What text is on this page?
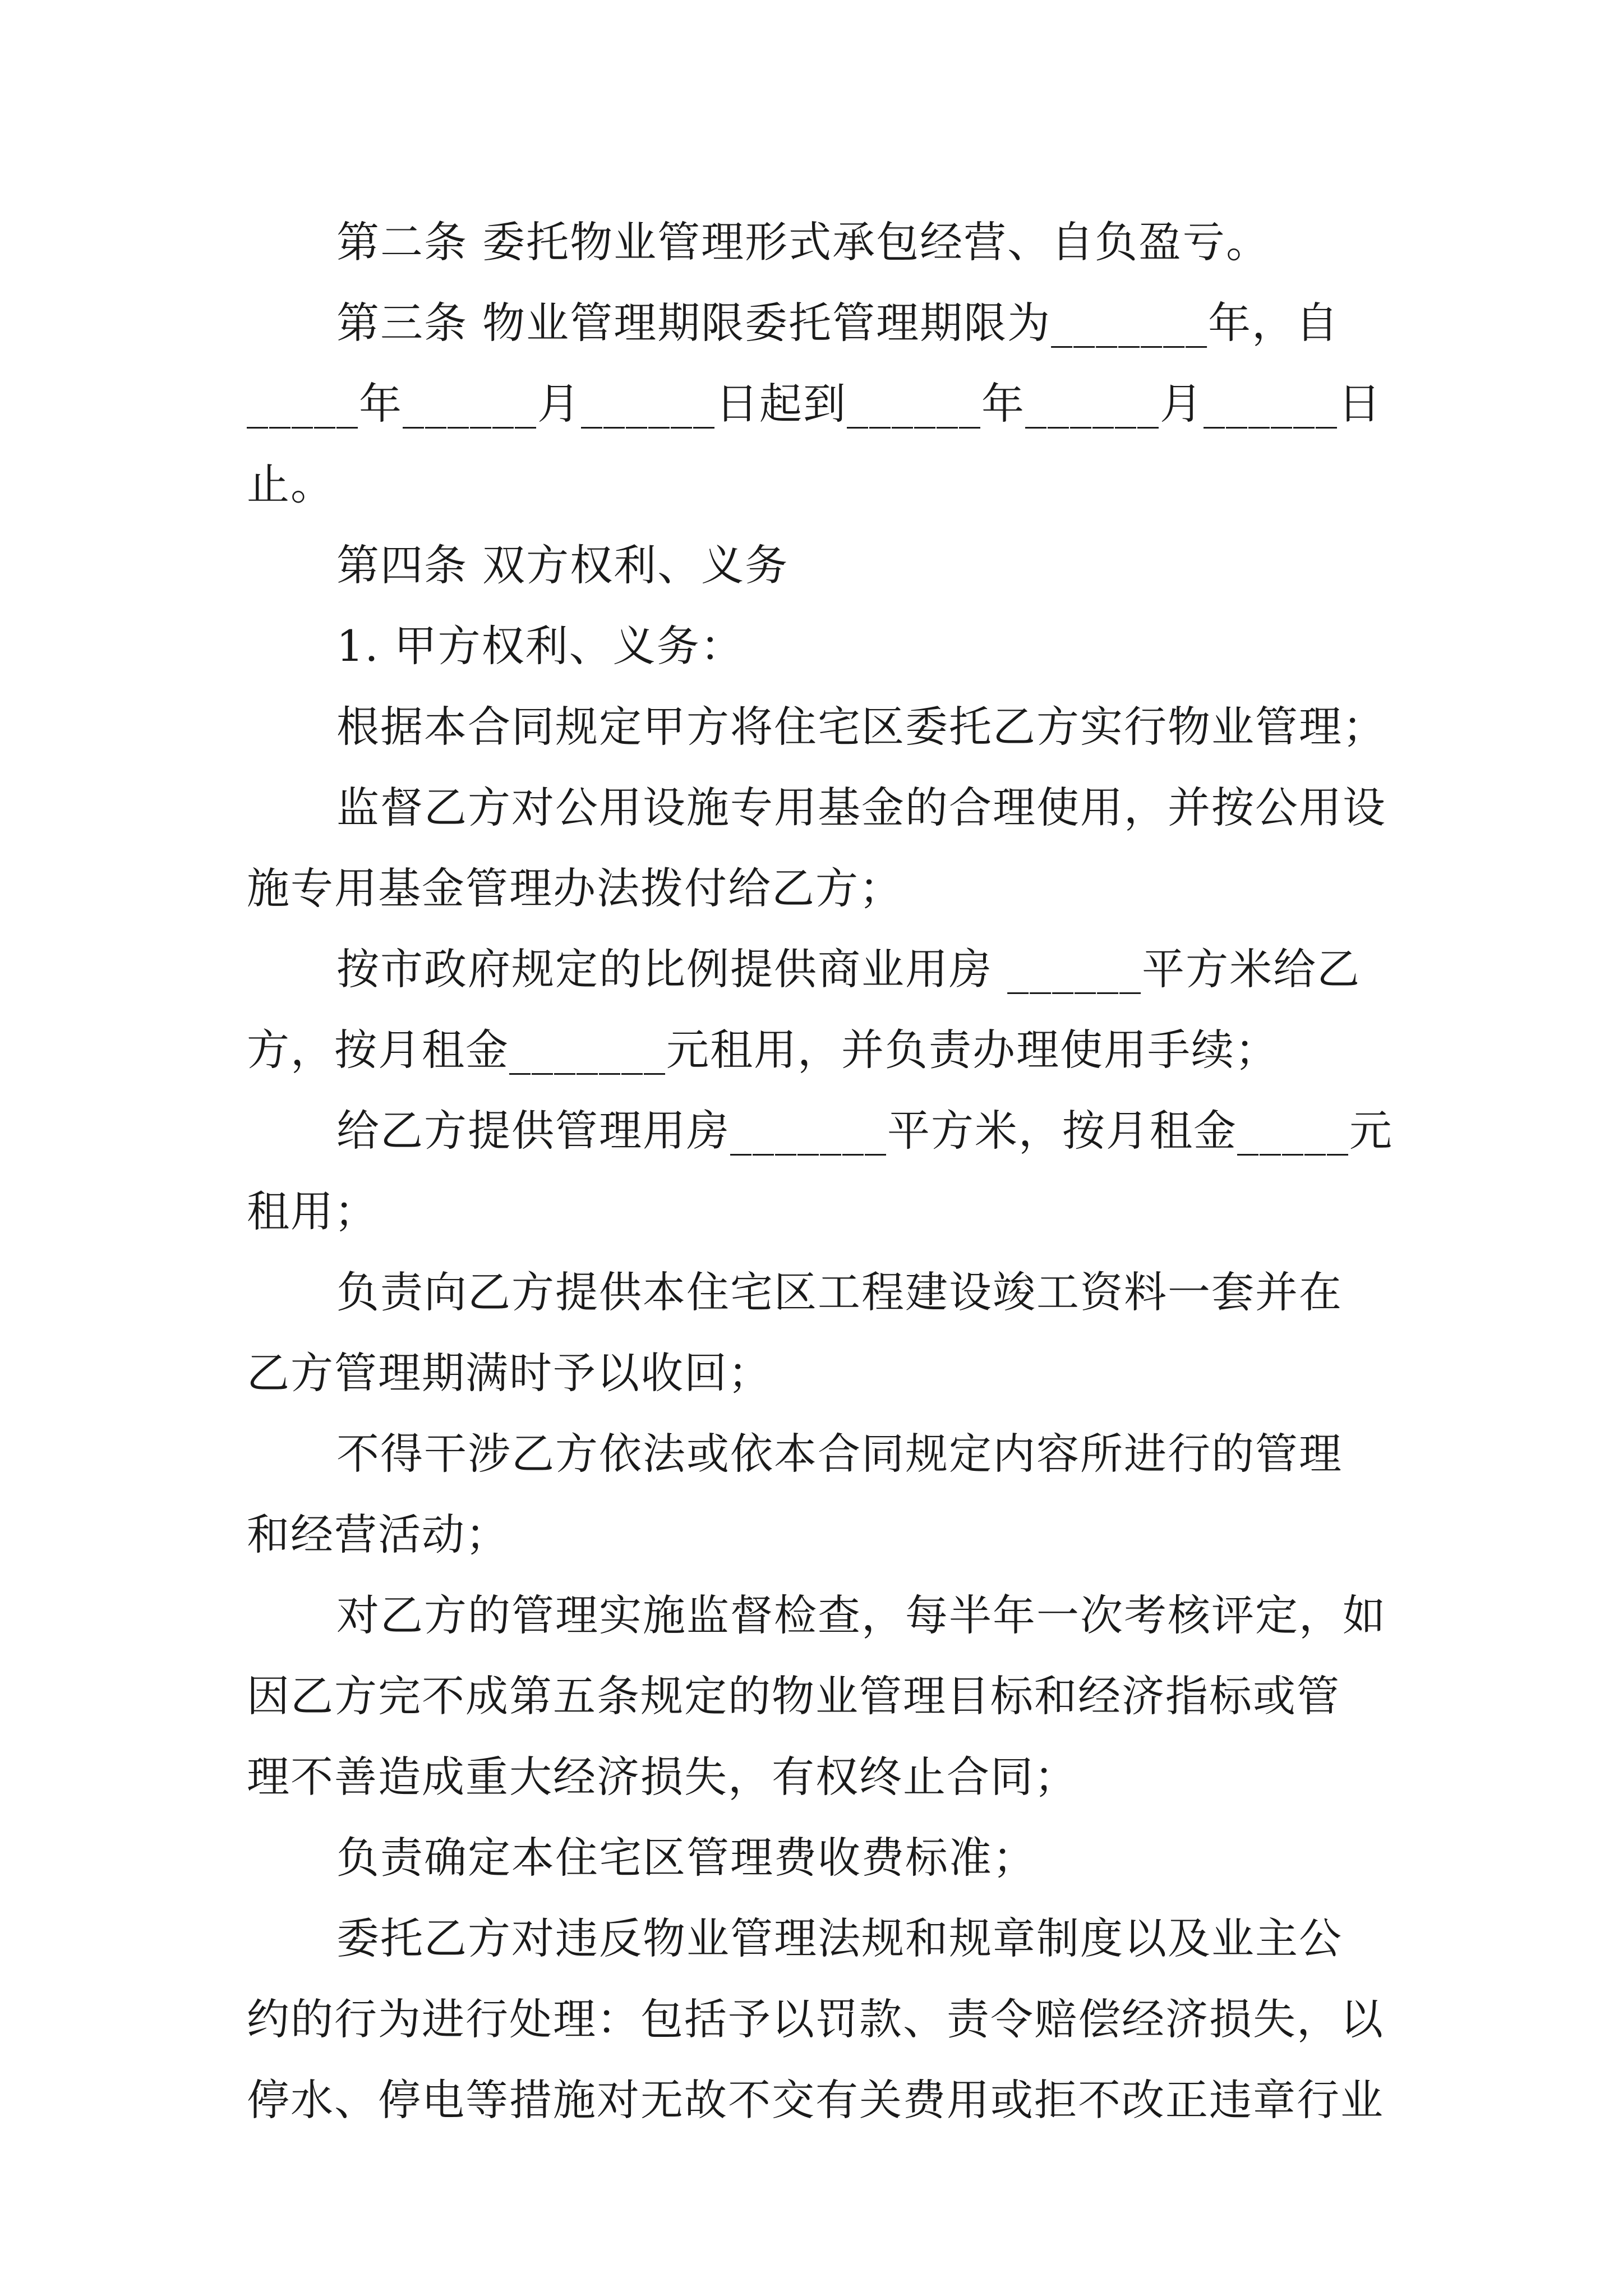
第二条 委托物业管理形式承包经营、自负盈亏。
第三条 物业管理期限委托管理期限为_______年，自
_____年______月______日起到______年______月______日
止。
第四条 双方权利、义务
1. 甲方权利、义务：
根据本合同规定甲方将住宅区委托乙方实行物业管理；
监督乙方对公用设施专用基金的合理使用，并按公用设
施专用基金管理办法拨付给乙方；
按市政府规定的比例提供商业用房 ______平方米给乙
方，按月租金_______元租用，并负责办理使用手续；
给乙方提供管理用房_______平方米，按月租金_____元
租用；
负责向乙方提供本住宅区工程建设竣工资料一套并在
乙方管理期满时予以收回；
不得干涉乙方依法或依本合同规定内容所进行的管理
和经营活动；
对乙方的管理实施监督检查，每半年一次考核评定，如
因乙方完不成第五条规定的物业管理目标和经济指标或管
理不善造成重大经济损失，有权终止合同；
负责确定本住宅区管理费收费标准；
委托乙方对违反物业管理法规和规章制度以及业主公
约的行为进行处理：包括予以罚款、责令赔偿经济损失，以
停水、停电等措施对无故不交有关费用或拒不改正违章行业
